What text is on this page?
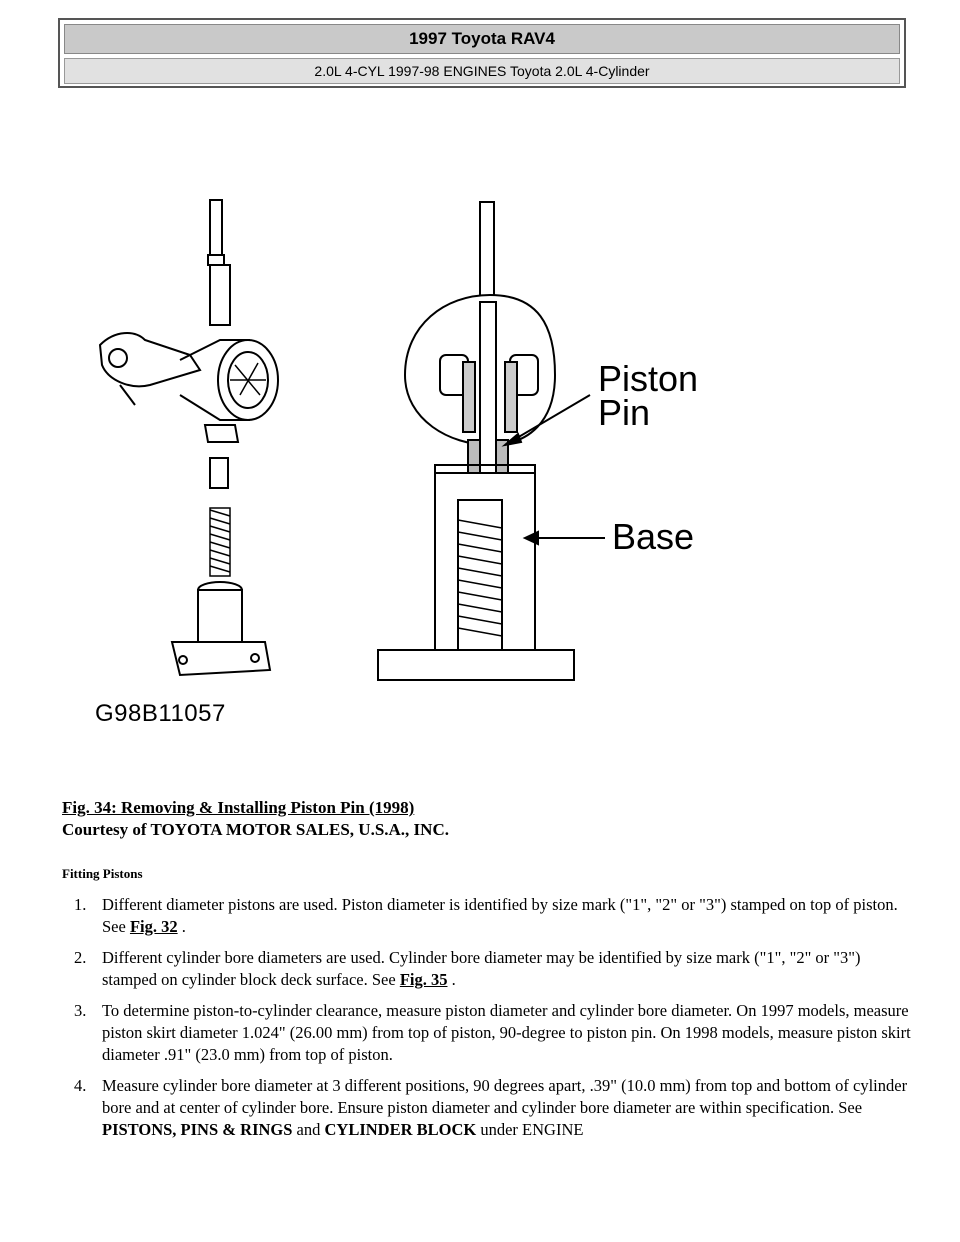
1997 Toyota RAV4
2.0L 4-CYL 1997-98 ENGINES Toyota 2.0L 4-Cylinder
Piston
Pin
Base
G98B11057
Fig. 34: Removing & Installing Piston Pin (1998)
Courtesy of TOYOTA MOTOR SALES, U.S.A., INC.
Fitting Pistons
1. Different diameter pistons are used. Piston diameter is identified by size mark ("1", "2" or "3") stamped on top of piston. See Fig. 32 .
2. Different cylinder bore diameters are used. Cylinder bore diameter may be identified by size mark ("1", "2" or "3") stamped on cylinder block deck surface. See Fig. 35 .
3. To determine piston-to-cylinder clearance, measure piston diameter and cylinder bore diameter. On 1997 models, measure piston skirt diameter 1.024" (26.00 mm) from top of piston, 90-degree to piston pin. On 1998 models, measure piston skirt diameter .91" (23.0 mm) from top of piston.
4. Measure cylinder bore diameter at 3 different positions, 90 degrees apart, .39" (10.0 mm) from top and bottom of cylinder bore and at center of cylinder bore. Ensure piston diameter and cylinder bore diameter are within specification. See PISTONS, PINS & RINGS and CYLINDER BLOCK under ENGINE
